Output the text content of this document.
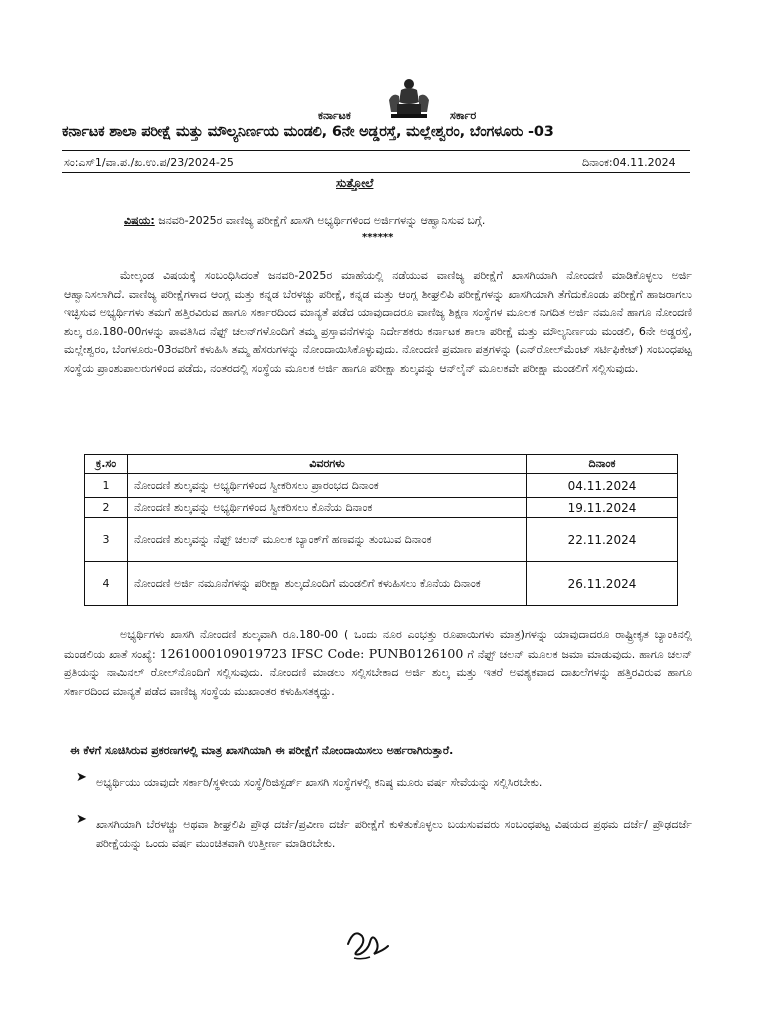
ಕರ್ನಾಟಕ	ಸರ್ಕಾರ
ಕರ್ನಾಟಕ ಶಾಲಾ ಪರೀಕ್ಷೆ ಮತ್ತು ಮೌಲ್ಯನಿರ್ಣಯ ಮಂಡಲಿ, 6ನೇ ಅಡ್ಡರಸ್ತೆ, ಮಲ್ಲೇಶ್ವರಂ, ಬೆಂಗಳೂರು -03
ಸಂ:ಎಸ್‌1/ವಾ.ಪ./ಖ.ಉ.ಪ/23/2024-25	ದಿನಾಂಕ:04.11.2024
ಸುತ್ತೋಲೆ
ವಿಷಯ: ಜನವರಿ-2025ರ ವಾಣಿಜ್ಯ ಪರೀಕ್ಷೆಗೆ ಖಾಸಗಿ ಅಭ್ಯರ್ಥಿಗಳಿಂದ ಅರ್ಜಿಗಳನ್ನು ಆಹ್ವಾನಿಸುವ ಬಗ್ಗೆ.
******
ಮೇಲ್ಕಂಡ ವಿಷಯಕ್ಕೆ ಸಂಬಂಧಿಸಿದಂತೆ ಜನವರಿ-2025ರ ಮಾಹೆಯಲ್ಲಿ ನಡೆಯುವ ವಾಣಿಜ್ಯ ಪರೀಕ್ಷೆಗೆ ಖಾಸಗಿಯಾಗಿ ನೋಂದಣಿ ಮಾಡಿಕೊಳ್ಳಲು ಅರ್ಜಿ ಆಹ್ವಾನಿಸಲಾಗಿದೆ. ವಾಣಿಜ್ಯ ಪರೀಕ್ಷೆಗಳಾದ ಆಂಗ್ಲ ಮತ್ತು ಕನ್ನಡ ಬೆರಳಚ್ಚು ಪರೀಕ್ಷೆ, ಕನ್ನಡ ಮತ್ತು ಆಂಗ್ಲ ಶೀಘ್ರಲಿಪಿ ಪರೀಕ್ಷೆಗಳನ್ನು ಖಾಸಗಿಯಾಗಿ ತೆಗೆದುಕೊಂಡು ಪರೀಕ್ಷೆಗೆ ಹಾಜರಾಗಲು ಇಚ್ಛಿಸುವ ಅಭ್ಯರ್ಥಿಗಳು ತಮಗೆ ಹತ್ತಿರವಿರುವ ಹಾಗೂ ಸರ್ಕಾರದಿಂದ ಮಾನ್ಯತೆ ಪಡೆದ ಯಾವುದಾದರೂ ವಾಣಿಜ್ಯ ಶಿಕ್ಷಣ ಸಂಸ್ಥೆಗಳ ಮೂಲಕ ನಿಗದಿತ ಅರ್ಜಿ ನಮೂನೆ ಹಾಗೂ ನೋಂದಣಿ ಶುಲ್ಕ ರೂ.180-00ಗಳನ್ನು ಪಾವತಿಸಿದ ನೆಫ್ಟ್ ಚಲನ್‌ಗಳೊಂದಿಗೆ ತಮ್ಮ ಪ್ರಸ್ತಾವನೆಗಳನ್ನು ನಿರ್ದೇಶಕರು ಕರ್ನಾಟಕ ಶಾಲಾ ಪರೀಕ್ಷೆ ಮತ್ತು ಮೌಲ್ಯನಿರ್ಣಯ ಮಂಡಲಿ, 6ನೇ ಅಡ್ಡರಸ್ತೆ, ಮಲ್ಲೇಶ್ವರಂ, ಬೆಂಗಳೂರು-03ರವರಿಗೆ ಕಳುಹಿಸಿ ತಮ್ಮ ಹೆಸರುಗಳನ್ನು ನೋಂದಾಯಿಸಿಕೊಳ್ಳುವುದು. ನೋಂದಣಿ ಪ್ರಮಾಣ ಪತ್ರಗಳನ್ನು (ಎನ್‌ರೋಲ್‌ಮೆಂಟ್ ಸರ್ಟಿಫಿಕೇಟ್) ಸಂಬಂಧಪಟ್ಟ ಸಂಸ್ಥೆಯ ಪ್ರಾಂಶುಪಾಲರುಗಳಿಂದ ಪಡೆದು, ನಂತರದಲ್ಲಿ ಸಂಸ್ಥೆಯ ಮೂಲಕ ಅರ್ಜಿ ಹಾಗೂ ಪರೀಕ್ಷಾ ಶುಲ್ಕವನ್ನು ಆನ್‌ಲೈನ್ ಮೂಲಕವೇ ಪರೀಕ್ಷಾ ಮಂಡಲಿಗೆ ಸಲ್ಲಿಸುವುದು.
ಕ್ರ.ಸಂ	ವಿವರಗಳು	ದಿನಾಂಕ
1	ನೋಂದಣಿ ಶುಲ್ಕವನ್ನು ಅಭ್ಯರ್ಥಿಗಳಿಂದ ಸ್ವೀಕರಿಸಲು ಪ್ರಾರಂಭದ ದಿನಾಂಕ	04.11.2024
2	ನೋಂದಣಿ ಶುಲ್ಕವನ್ನು ಅಭ್ಯರ್ಥಿಗಳಿಂದ ಸ್ವೀಕರಿಸಲು ಕೊನೆಯ ದಿನಾಂಕ	19.11.2024
3	ನೋಂದಣಿ ಶುಲ್ಕವನ್ನು ನೆಫ್ಟ್ ಚಲನ್ ಮೂಲಕ ಬ್ಯಾಂಕ್‌ಗೆ ಹಣವನ್ನು ತುಂಬುವ ದಿನಾಂಕ	22.11.2024
4	ನೋಂದಣಿ ಅರ್ಜಿ ನಮೂನೆಗಳನ್ನು ಪರೀಕ್ಷಾ ಶುಲ್ಕದೊಂದಿಗೆ ಮಂಡಲಿಗೆ ಕಳುಹಿಸಲು ಕೊನೆಯ ದಿನಾಂಕ	26.11.2024
ಅಭ್ಯರ್ಥಿಗಳು ಖಾಸಗಿ ನೋಂದಣಿ ಶುಲ್ಕವಾಗಿ ರೂ.180-00 ( ಒಂದು ನೂರ ಎಂಭತ್ತು ರೂಪಾಯಿಗಳು ಮಾತ್ರ)ಗಳನ್ನು ಯಾವುದಾದರೂ ರಾಷ್ಟ್ರೀಕೃತ ಬ್ಯಾಂಕಿನಲ್ಲಿ ಮಂಡಲಿಯ ಖಾತೆ ಸಂಖ್ಯೆ: 1261000109019723 IFSC Code: PUNB0126100 ಗೆ ನೆಫ್ಟ್ ಚಲನ್ ಮೂಲಕ ಜಮಾ ಮಾಡುವುದು. ಹಾಗೂ ಚಲನ್ ಪ್ರತಿಯನ್ನು ನಾಮಿನಲ್ ರೋಲ್‌ನೊಂದಿಗೆ ಸಲ್ಲಿಸುವುದು. ನೋಂದಣಿ ಮಾಡಲು ಸಲ್ಲಿಸಬೇಕಾದ ಅರ್ಜಿ ಶುಲ್ಕ ಮತ್ತು ಇತರೆ ಅವಶ್ಯಕವಾದ ದಾಖಲೆಗಳನ್ನು ಹತ್ತಿರವಿರುವ ಹಾಗೂ ಸರ್ಕಾರದಿಂದ ಮಾನ್ಯತೆ ಪಡೆದ ವಾಣಿಜ್ಯ ಸಂಸ್ಥೆಯ ಮುಖಾಂತರ ಕಳುಹಿಸತಕ್ಕದ್ದು.
ಈ ಕೆಳಗೆ ಸೂಚಿಸಿರುವ ಪ್ರಕರಣಗಳಲ್ಲಿ ಮಾತ್ರ ಖಾಸಗಿಯಾಗಿ ಈ ಪರೀಕ್ಷೆಗೆ ನೋಂದಾಯಿಸಲು ಅರ್ಹರಾಗಿರುತ್ತಾರೆ.
➤ ಅಭ್ಯರ್ಥಿಯು ಯಾವುದೇ ಸರ್ಕಾರಿ/ಸ್ಥಳೀಯ ಸಂಸ್ಥೆ/ರಿಜಿಸ್ಟರ್ಡ್ ಖಾಸಗಿ ಸಂಸ್ಥೆಗಳಲ್ಲಿ ಕನಿಷ್ಠ ಮೂರು ವರ್ಷ ಸೇವೆಯನ್ನು ಸಲ್ಲಿಸಿರಬೇಕು.
➤ ಖಾಸಗಿಯಾಗಿ ಬೆರಳಚ್ಚು ಅಥವಾ ಶೀಘ್ರಲಿಪಿ ಪ್ರೌಢ ದರ್ಜೆ/ಪ್ರವೀಣ ದರ್ಜೆ ಪರೀಕ್ಷೆಗೆ ಕುಳಿತುಕೊಳ್ಳಲು ಬಯಸುವವರು ಸಂಬಂಧಪಟ್ಟ ವಿಷಯದ ಪ್ರಥಮ ದರ್ಜೆ/ ಪ್ರೌಢದರ್ಜೆ ಪರೀಕ್ಷೆಯನ್ನು ಒಂದು ವರ್ಷ ಮುಂಚಿತವಾಗಿ ಉತ್ತೀರ್ಣ ಮಾಡಿರಬೇಕು.
